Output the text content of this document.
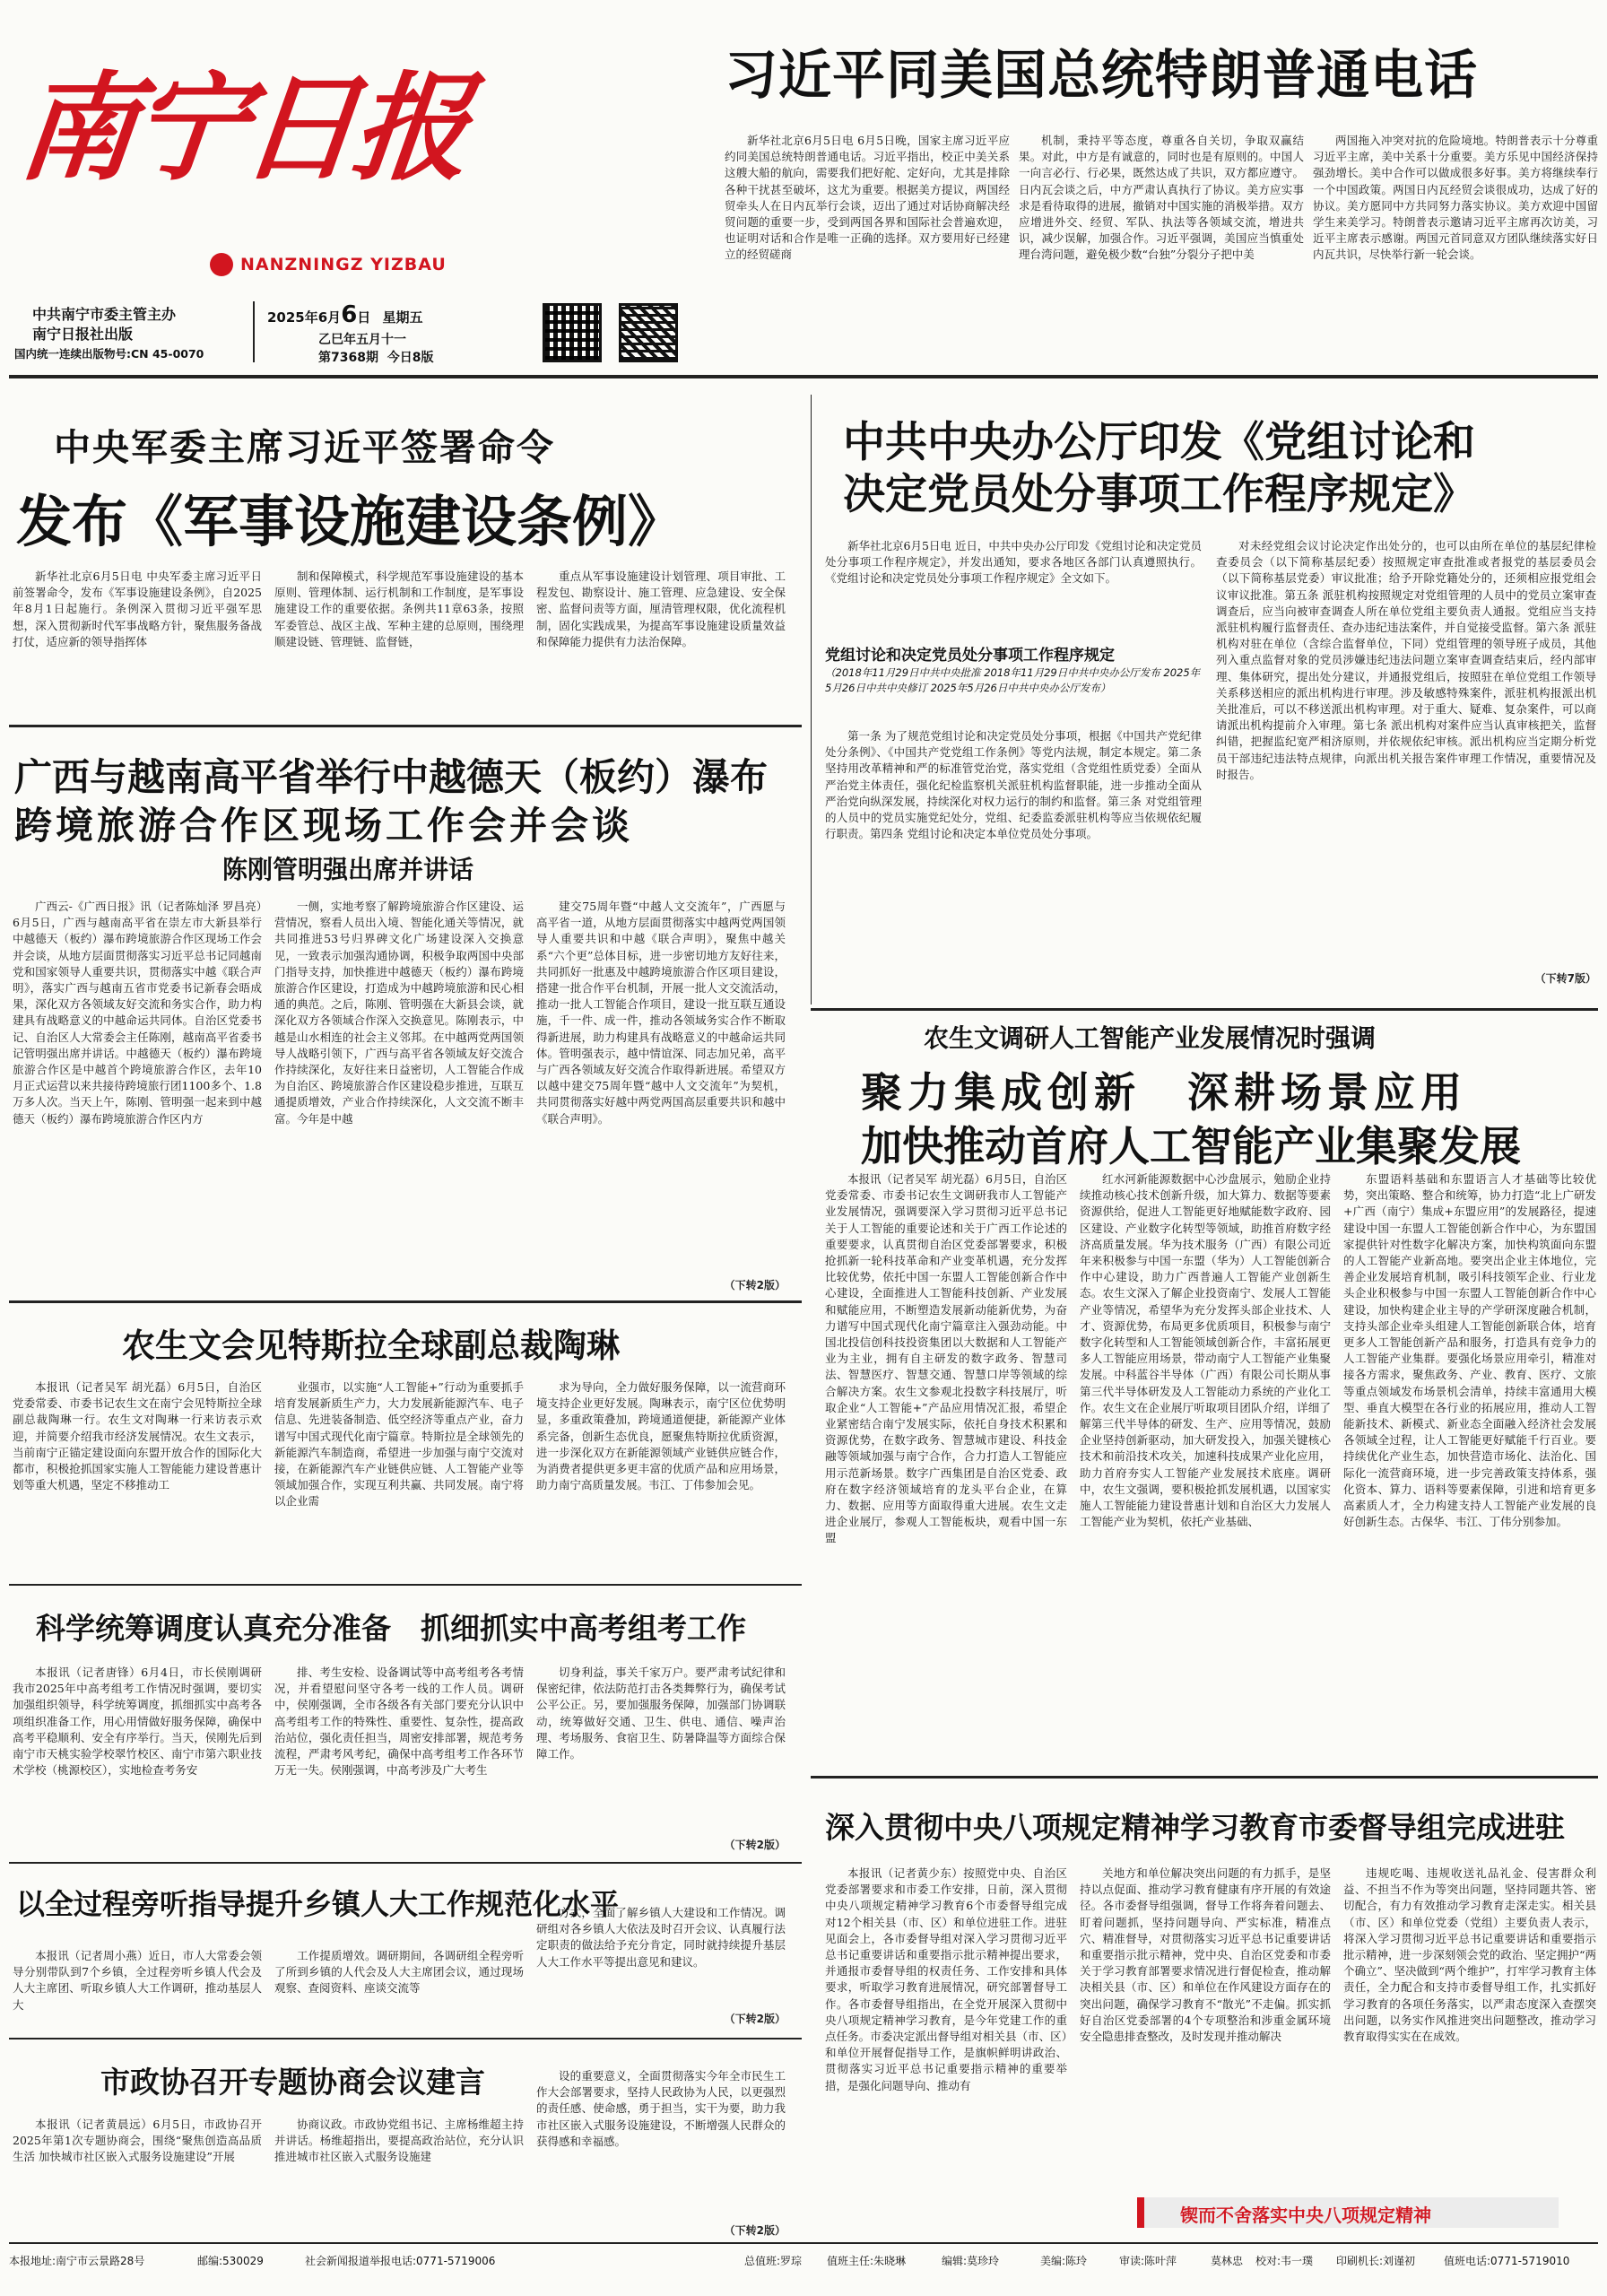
南宁日报
NANZNINGZ YIZBAU
中共南宁市委主管主办
南宁日报社出版
国内统一连续出版物号:CN 45-0070
2025年6月6日 星期五
乙巳年五月十一
第7368期 今日8版
习近平同美国总统特朗普通电话
新华社北京6月5日电 6月5日晚，国家主席习近平应约同美国总统特朗普通电话。习近平指出，校正中美关系这艘大船的航向，需要我们把好舵、定好向，尤其是排除各种干扰甚至破坏，这尤为重要。根据美方提议，两国经贸牵头人在日内瓦举行会谈，迈出了通过对话协商解决经贸问题的重要一步，受到两国各界和国际社会普遍欢迎，也证明对话和合作是唯一正确的选择。双方要用好已经建立的经贸磋商
机制，秉持平等态度，尊重各自关切，争取双赢结果。对此，中方是有诚意的，同时也是有原则的。中国人一向言必行、行必果，既然达成了共识，双方都应遵守。日内瓦会谈之后，中方严肃认真执行了协议。美方应实事求是看待取得的进展，撤销对中国实施的消极举措。双方应增进外交、经贸、军队、执法等各领域交流，增进共识，减少误解，加强合作。习近平强调，美国应当慎重处理台湾问题，避免极少数“台独”分裂分子把中美
两国拖入冲突对抗的危险境地。特朗普表示十分尊重习近平主席，美中关系十分重要。美方乐见中国经济保持强劲增长。美中合作可以做成很多好事。美方将继续奉行一个中国政策。两国日内瓦经贸会谈很成功，达成了好的协议。美方愿同中方共同努力落实协议。美方欢迎中国留学生来美学习。特朗普表示邀请习近平主席再次访美，习近平主席表示感谢。两国元首同意双方团队继续落实好日内瓦共识，尽快举行新一轮会谈。
中央军委主席习近平签署命令
发布《军事设施建设条例》
新华社北京6月5日电 中央军委主席习近平日前签署命令，发布《军事设施建设条例》，自2025年8月1日起施行。条例深入贯彻习近平强军思想，深入贯彻新时代军事战略方针，聚焦服务备战打仗，适应新的领导指挥体
制和保障模式，科学规范军事设施建设的基本原则、管理体制、运行机制和工作制度，是军事设施建设工作的重要依据。条例共11章63条，按照军委管总、战区主战、军种主建的总原则，围绕理顺建设链、管理链、监督链，
重点从军事设施建设计划管理、项目审批、工程发包、勘察设计、施工管理、应急建设、安全保密、监督问责等方面，厘清管理权限，优化流程机制，固化实践成果，为提高军事设施建设质量效益和保障能力提供有力法治保障。
中共中央办公厅印发《党组讨论和
决定党员处分事项工作程序规定》
新华社北京6月5日电 近日，中共中央办公厅印发《党组讨论和决定党员处分事项工作程序规定》，并发出通知，要求各地区各部门认真遵照执行。《党组讨论和决定党员处分事项工作程序规定》全文如下。
党组讨论和决定党员处分事项工作程序规定
（2018年11月29日中共中央批准 2018年11月29日中共中央办公厅发布 2025年5月26日中共中央修订 2025年5月26日中共中央办公厅发布）
第一条 为了规范党组讨论和决定党员处分事项，根据《中国共产党纪律处分条例》、《中国共产党党组工作条例》等党内法规，制定本规定。第二条 坚持用改革精神和严的标准管党治党，落实党组（含党组性质党委）全面从严治党主体责任，强化纪检监察机关派驻机构监督职能，进一步推动全面从严治党向纵深发展，持续深化对权力运行的制约和监督。第三条 对党组管理的人员中的党员实施党纪处分，党组、纪委监委派驻机构等应当依规依纪履行职责。第四条 党组讨论和决定本单位党员处分事项。
对未经党组会议讨论决定作出处分的，也可以由所在单位的基层纪律检查委员会（以下简称基层纪委）按照规定审查批准或者报党的基层委员会（以下简称基层党委）审议批准；给予开除党籍处分的，还须相应报党组会议审议批准。第五条 派驻机构按照规定对党组管理的人员中的党员立案审查调查后，应当向被审查调查人所在单位党组主要负责人通报。党组应当支持派驻机构履行监督责任、查办违纪违法案件，并自觉接受监督。第六条 派驻机构对驻在单位（含综合监督单位，下同）党组管理的领导班子成员，其他列入重点监督对象的党员涉嫌违纪违法问题立案审查调查结束后，经内部审理、集体研究，提出处分建议，并通报党组后，按照驻在单位党组工作领导关系移送相应的派出机构进行审理。涉及敏感特殊案件，派驻机构报派出机关批准后，可以不移送派出机构审理。对于重大、疑难、复杂案件，可以商请派出机构提前介入审理。第七条 派出机构对案件应当认真审核把关，监督纠错，把握监纪宽严相济原则，并依规依纪审核。派出机构应当定期分析党员干部违纪违法特点规律，向派出机关报告案件审理工作情况，重要情况及时报告。
（下转7版）
广西与越南高平省举行中越德天（板约）瀑布
跨境旅游合作区现场工作会并会谈
陈刚管明强出席并讲话
广西云-《广西日报》讯（记者陈灿泽 罗昌亮）6月5日，广西与越南高平省在崇左市大新县举行中越德天（板约）瀑布跨境旅游合作区现场工作会并会谈，从地方层面贯彻落实习近平总书记同越南党和国家领导人重要共识，贯彻落实中越《联合声明》，落实广西与越南五省市党委书记新春会晤成果，深化双方各领域友好交流和务实合作，助力构建具有战略意义的中越命运共同体。自治区党委书记、自治区人大常委会主任陈刚，越南高平省委书记管明强出席并讲话。中越德天（板约）瀑布跨境旅游合作区是中越首个跨境旅游合作区，去年10月正式运营以来共接待跨境旅行团1100多个、1.8万多人次。当天上午，陈刚、管明强一起来到中越德天（板约）瀑布跨境旅游合作区内方
一侧，实地考察了解跨境旅游合作区建设、运营情况，察看人员出入境、智能化通关等情况，就共同推进53号归界碑文化广场建设深入交换意见，一致表示加强沟通协调，积极争取两国中央部门指导支持，加快推进中越德天（板约）瀑布跨境旅游合作区建设，打造成为中越跨境旅游和民心相通的典范。之后，陈刚、管明强在大新县会谈，就深化双方各领域合作深入交换意见。陈刚表示，中越是山水相连的社会主义邻邦。在中越两党两国领导人战略引领下，广西与高平省各领域友好交流合作持续深化，友好往来日益密切，人工智能合作成为自治区、跨境旅游合作区建设稳步推进，互联互通提质增效，产业合作持续深化，人文交流不断丰富。今年是中越
建交75周年暨“中越人文交流年”，广西愿与高平省一道，从地方层面贯彻落实中越两党两国领导人重要共识和中越《联合声明》，聚焦中越关系“六个更”总体目标，进一步密切地方友好往来，共同抓好一批惠及中越跨境旅游合作区项目建设，搭建一批合作平台机制，开展一批人文交流活动，推动一批人工智能合作项目，建设一批互联互通设施，千一件、成一件，推动各领域务实合作不断取得新进展，助力构建具有战略意义的中越命运共同体。管明强表示，越中情谊深、同志加兄弟，高平与广西各领域友好交流合作取得新进展。希望双方以越中建交75周年暨“越中人文交流年”为契机，共同贯彻落实好越中两党两国高层重要共识和越中《联合声明》。
（下转2版）
农生文调研人工智能产业发展情况时强调
聚力集成创新　深耕场景应用
加快推动首府人工智能产业集聚发展
本报讯（记者吴军 胡光磊）6月5日，自治区党委常委、市委书记农生文调研我市人工智能产业发展情况，强调要深入学习贯彻习近平总书记关于人工智能的重要论述和关于广西工作论述的重要要求，认真贯彻自治区党委部署要求，积极抢抓新一轮科技革命和产业变革机遇，充分发挥比较优势，依托中国一东盟人工智能创新合作中心建设，全面推进人工智能科技创新、产业发展和赋能应用，不断塑造发展新动能新优势，为奋力谱写中国式现代化南宁篇章注入强劲动能。中国北投信创科技投资集团以大数据和人工智能产业为主业，拥有自主研发的数字政务、智慧司法、智慧医疗、智慧交通、智慧口岸等领域的综合解决方案。农生文参观北投数字科技展厅，听取企业“人工智能+”产品应用情况汇报，希望企业紧密结合南宁发展实际，依托自身技术积累和资源优势，在数字政务、智慧城市建设、科技金融等领域加强与南宁合作，合力打造人工智能应用示范新场景。数字广西集团是自治区党委、政府在数字经济领域培育的龙头平台企业，在算力、数据、应用等方面取得重大进展。农生文走进企业展厅，参观人工智能板块，观看中国一东盟
红水河新能源数据中心沙盘展示，勉励企业持续推动核心技术创新升级，加大算力、数据等要素资源供给，促进人工智能更好地赋能数字政府、园区建设、产业数字化转型等领域，助推首府数字经济高质量发展。华为技术服务（广西）有限公司近年来积极参与中国一东盟（华为）人工智能创新合作中心建设，助力广西普遍人工智能产业创新生态。农生文深入了解企业投资南宁、发展人工智能产业等情况，希望华为充分发挥头部企业技术、人才、资源优势，布局更多优质项目，积极参与南宁数字化转型和人工智能领域创新合作，丰富拓展更多人工智能应用场景，带动南宁人工智能产业集聚发展。中科蓝谷半导体（广西）有限公司长期从事第三代半导体研发及人工智能动力系统的产业化工作。农生文在企业展厅听取项目团队介绍，详细了解第三代半导体的研发、生产、应用等情况，鼓励企业坚持创新驱动，加大研发投入，加强关键核心技术和前沿技术攻关，加速科技成果产业化应用，助力首府夯实人工智能产业发展技术底座。调研中，农生文强调，要积极抢抓发展机遇，以国家实施人工智能能力建设普惠计划和自治区大力发展人工智能产业为契机，依托产业基础、
东盟语料基础和东盟语言人才基础等比较优势，突出策略、整合和统筹，协力打造“北上广研发+广西（南宁）集成+东盟应用”的发展路径，提速建设中国一东盟人工智能创新合作中心，为东盟国家提供针对性数字化解决方案，加快构筑面向东盟的人工智能产业新高地。要突出企业主体地位，完善企业发展培育机制，吸引科技领军企业、行业龙头企业积极参与中国一东盟人工智能创新合作中心建设，加快构建企业主导的产学研深度融合机制，支持头部企业牵头组建人工智能创新联合体，培育更多人工智能创新产品和服务，打造具有竞争力的人工智能产业集群。要强化场景应用牵引，精准对接各方需求，聚焦政务、产业、教育、医疗、文旅等重点领域发布场景机会清单，持续丰富通用大模型、垂直大模型在各行业的拓展应用，推动人工智能新技术、新模式、新业态全面融入经济社会发展各领域全过程，让人工智能更好赋能千行百业。要持续优化产业生态，加快营造市场化、法治化、国际化一流营商环境，进一步完善政策支持体系，强化资本、算力、语料等要素保障，引进和培育更多高素质人才，全力构建支持人工智能产业发展的良好创新生态。古保华、韦江、丁伟分别参加。
农生文会见特斯拉全球副总裁陶琳
本报讯（记者吴军 胡光磊）6月5日，自治区党委常委、市委书记农生文在南宁会见特斯拉全球副总裁陶琳一行。农生文对陶琳一行来访表示欢迎，并简要介绍我市经济发展情况。农生文表示，当前南宁正锚定建设面向东盟开放合作的国际化大都市，积极抢抓国家实施人工智能能力建设普惠计划等重大机遇，坚定不移推动工
业强市，以实施“人工智能+”行动为重要抓手培育发展新质生产力，大力发展新能源汽车、电子信息、先进装备制造、低空经济等重点产业，奋力谱写中国式现代化南宁篇章。特斯拉是全球领先的新能源汽车制造商，希望进一步加强与南宁交流对接，在新能源汽车产业链供应链、人工智能产业等领域加强合作，实现互利共赢、共同发展。南宁将以企业需
求为导向，全力做好服务保障，以一流营商环境支持企业更好发展。陶琳表示，南宁区位优势明显，多重政策叠加，跨境通道便捷，新能源产业体系完备，创新生态优良，愿聚焦特斯拉优质资源，进一步深化双方在新能源领域产业链供应链合作，为消费者提供更多更丰富的优质产品和应用场景，助力南宁高质量发展。韦江、丁伟参加会见。
科学统筹调度认真充分准备　抓细抓实中高考组考工作
本报讯（记者唐锋）6月4日，市长侯刚调研我市2025年中高考组考工作情况时强调，要切实加强组织领导，科学统筹调度，抓细抓实中高考各项组织准备工作，用心用情做好服务保障，确保中高考平稳顺利、安全有序举行。当天，侯刚先后到南宁市天桃实验学校翠竹校区、南宁市第六职业技术学校（桃源校区），实地检查考务安
排、考生安检、设备调试等中高考组考各考情况，并看望慰问坚守各考一线的工作人员。调研中，侯刚强调，全市各级各有关部门要充分认识中高考组考工作的特殊性、重要性、复杂性，提高政治站位，强化责任担当，周密安排部署，规范考务流程，严肃考风考纪，确保中高考组考工作各环节万无一失。侯刚强调，中高考涉及广大考生
切身利益，事关千家万户。要严肃考试纪律和保密纪律，依法防范打击各类舞弊行为，确保考试公平公正。另，要加强服务保障，加强部门协调联动，统筹做好交通、卫生、供电、通信、噪声治理、考场服务、食宿卫生、防暑降温等方面综合保障工作。
（下转2版）
以全过程旁听指导提升乡镇人大工作规范化水平
本报讯（记者周小燕）近日，市人大常委会领导分别带队到7个乡镇，全过程旁听乡镇人代会及人大主席团、听取乡镇人大工作调研，推动基层人大
工作提质增效。调研期间，各调研组全程旁听了所到乡镇的人代会及人大主席团会议，通过现场观察、查阅资料、座谈交流等
方式，全面了解乡镇人大建设和工作情况。调研组对各乡镇人大依法及时召开会议、认真履行法定职责的做法给予充分肯定，同时就持续提升基层人大工作水平等提出意见和建议。
（下转2版）
市政协召开专题协商会议建言
本报讯（记者黄晨远）6月5日，市政协召开2025年第1次专题协商会，围绕“聚焦创造高品质生活 加快城市社区嵌入式服务设施建设”开展
协商议政。市政协党组书记、主席杨维超主持并讲话。杨维超指出，要提高政治站位，充分认识推进城市社区嵌入式服务设施建
设的重要意义，全面贯彻落实今年全市民生工作大会部署要求，坚持人民政协为人民，以更强烈的责任感、使命感，勇于担当，实干为要，助力我市社区嵌入式服务设施建设，不断增强人民群众的获得感和幸福感。
（下转2版）
深入贯彻中央八项规定精神学习教育市委督导组完成进驻
本报讯（记者黄少东）按照党中央、自治区党委部署要求和市委工作安排，日前，深入贯彻中央八项规定精神学习教育6个市委督导组完成对12个相关县（市、区）和单位进驻工作。进驻见面会上，各市委督导组对深入学习贯彻习近平总书记重要讲话和重要指示批示精神提出要求，并通报市委督导组的权责任务、工作安排和具体要求，听取学习教育进展情况，研究部署督导工作。各市委督导组指出，在全党开展深入贯彻中央八项规定精神学习教育，是今年党建工作的重点任务。市委决定派出督导组对相关县（市、区）和单位开展督促指导工作，是旗帜鲜明讲政治、贯彻落实习近平总书记重要指示精神的重要举措，是强化问题导向、推动有
关地方和单位解决突出问题的有力抓手，是坚持以点促面、推动学习教育健康有序开展的有效途径。各市委督导组强调，督导工作将奔着问题去、盯着问题抓，坚持问题导向、严实标准，精准点穴、精准督导，对贯彻落实习近平总书记重要讲话和重要指示批示精神，党中央、自治区党委和市委关于学习教育部署要求情况进行督促检查，推动解决相关县（市、区）和单位在作风建设方面存在的突出问题，确保学习教育不“散光”不走偏。抓实抓好自治区党委部署的4个专项整治和涉重金属环境安全隐患排查整改，及时发现并推动解决
违规吃喝、违规收送礼品礼金、侵害群众利益、不担当不作为等突出问题，坚持同题共答、密切配合，有力有效推动学习教育走深走实。相关县（市、区）和单位党委（党组）主要负责人表示，将深入学习贯彻习近平总书记重要讲话和重要指示批示精神，进一步深刻领会党的政治、坚定拥护“两个确立”、坚决做到“两个维护”，打牢学习教育主体责任，全力配合和支持市委督导组工作，扎实抓好学习教育的各项任务落实，以严肃态度深入查摆突出问题，以务实作风推进突出问题整改，推动学习教育取得实实在在成效。
锲而不舍落实中央八项规定精神
本报地址:南宁市云景路28号	邮编:530029	社会新闻报道举报电话:0771-5719006	总值班:罗琮 值班主任:朱晓琳	编辑:莫珍玲	美编:陈玲	审读:陈叶萍	莫林忠 校对:韦一璞 印刷机长:刘谨初	值班电话:0771-5719010
